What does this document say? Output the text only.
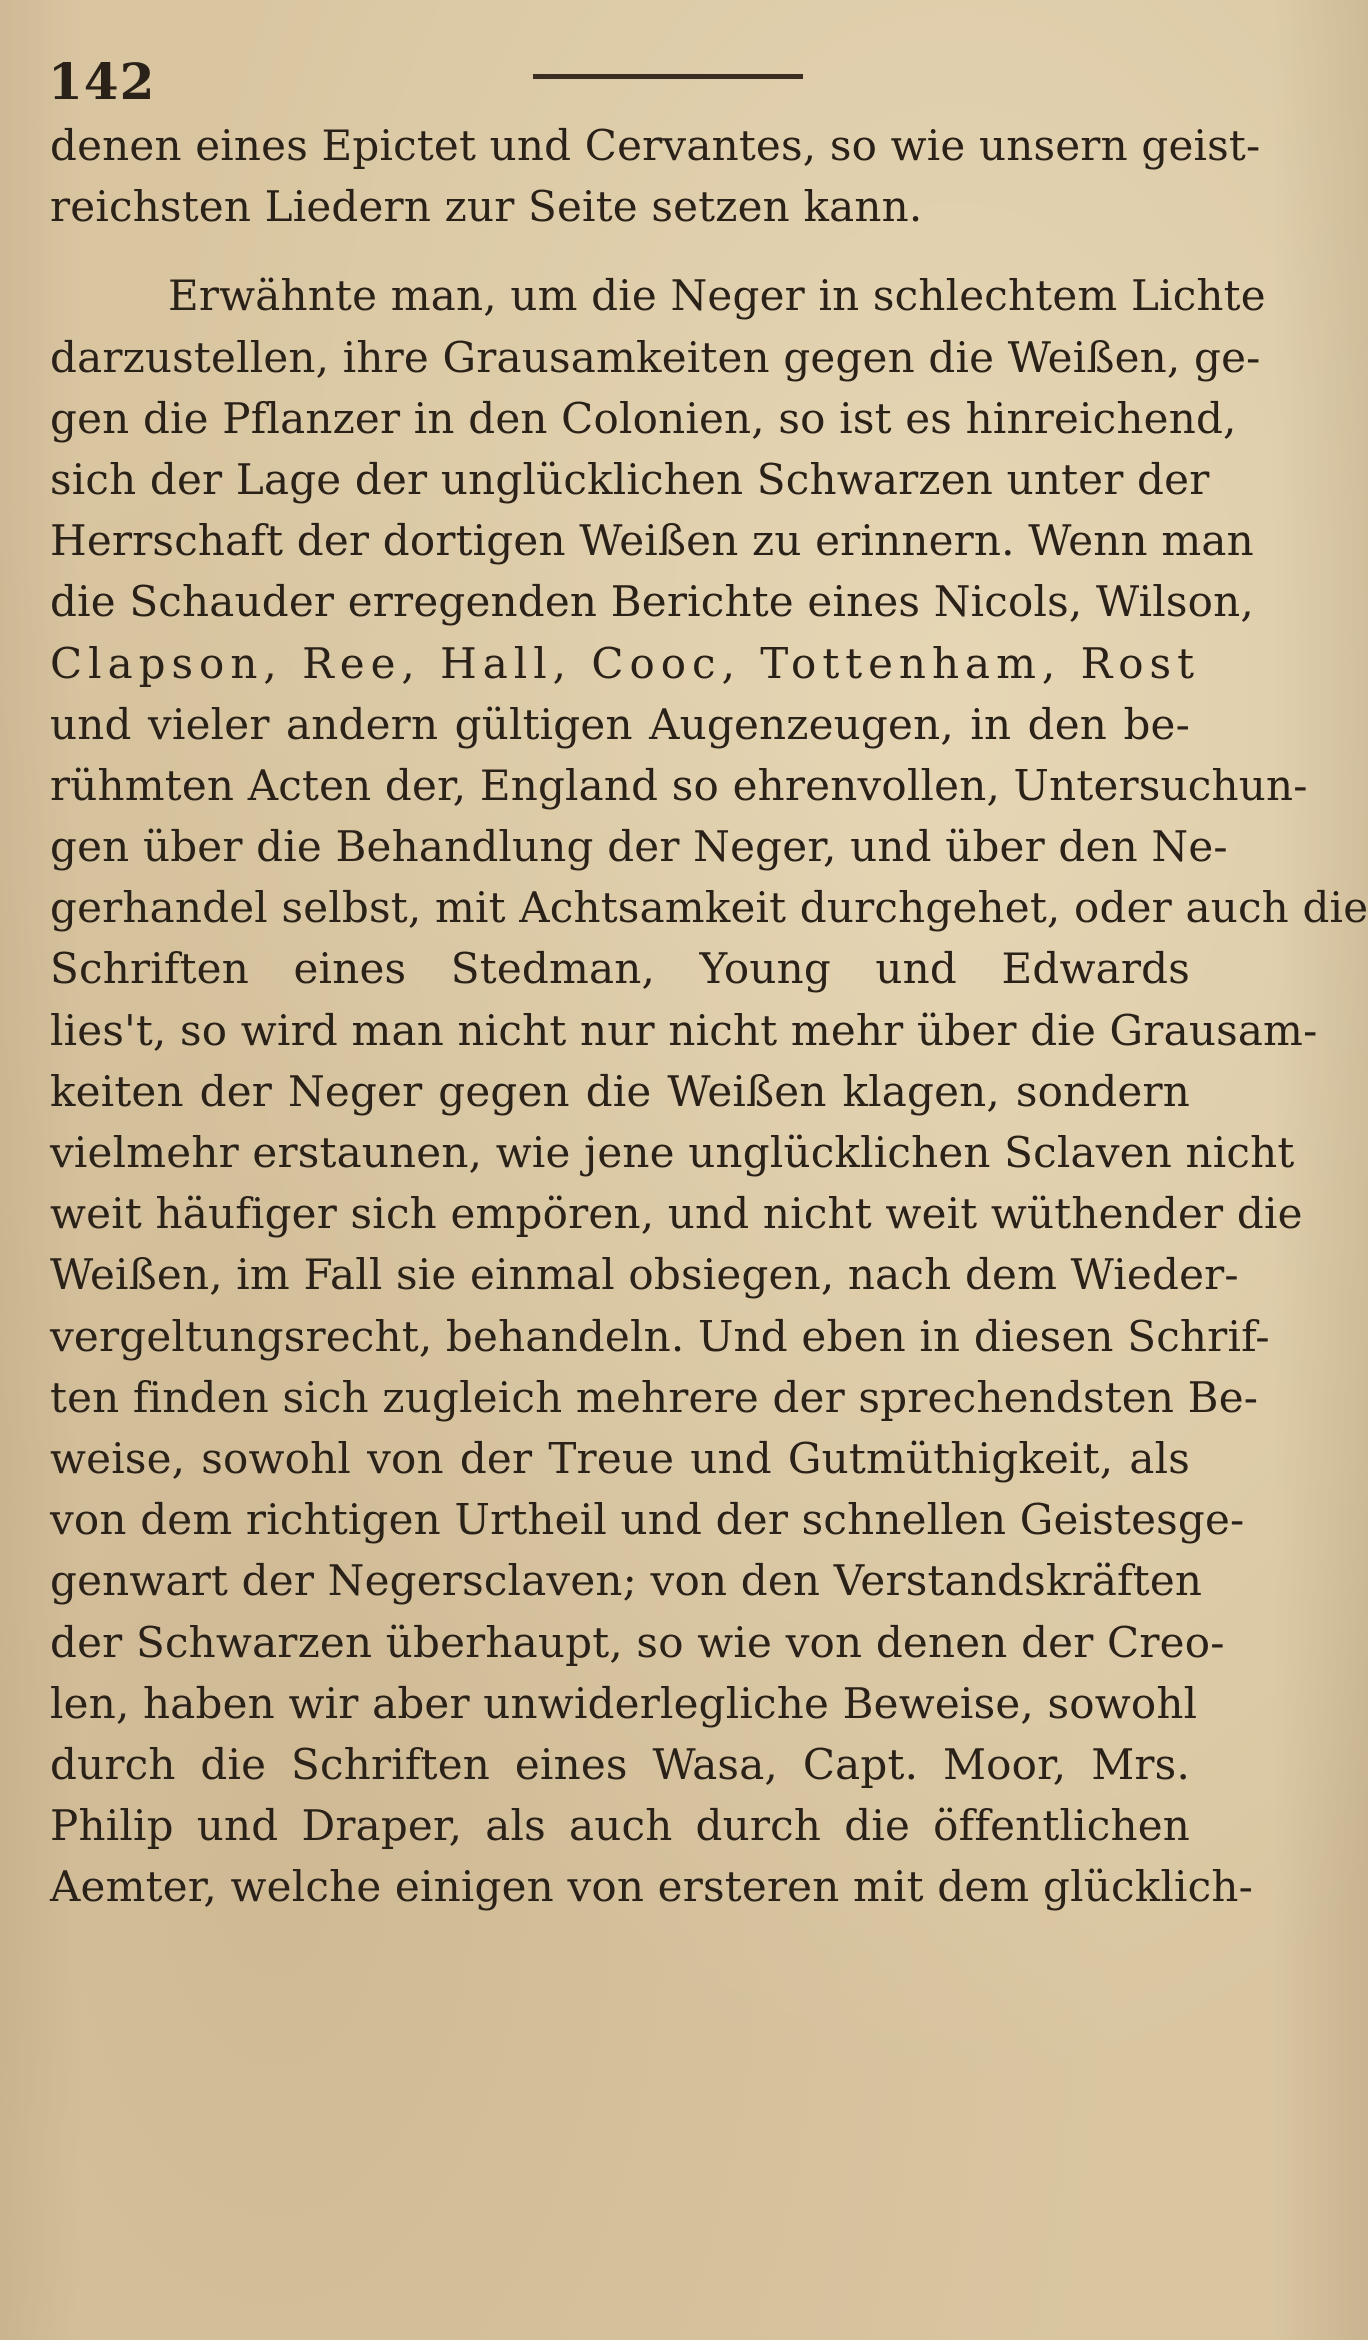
142
denen eines Epictet und Cervantes, so wie unsern geist-
reichsten Liedern zur Seite setzen kann.
Erwähnte man, um die Neger in schlechtem Lichte
darzustellen, ihre Grausamkeiten gegen die Weißen, ge-
gen die Pflanzer in den Colonien, so ist es hinreichend,
sich der Lage der unglücklichen Schwarzen unter der
Herrschaft der dortigen Weißen zu erinnern. Wenn man
die Schauder erregenden Berichte eines Nicols, Wilson,
Clapson, Ree, Hall, Cooc, Tottenham, Rost
und vieler andern gültigen Augenzeugen, in den be-
rühmten Acten der, England so ehrenvollen, Untersuchun-
gen über die Behandlung der Neger, und über den Ne-
gerhandel selbst, mit Achtsamkeit durchgehet, oder auch die
Schriften eines Stedman, Young und Edwards
lies't, so wird man nicht nur nicht mehr über die Grausam-
keiten der Neger gegen die Weißen klagen, sondern
vielmehr erstaunen, wie jene unglücklichen Sclaven nicht
weit häufiger sich empören, und nicht weit wüthender die
Weißen, im Fall sie einmal obsiegen, nach dem Wieder-
vergeltungsrecht, behandeln. Und eben in diesen Schrif-
ten finden sich zugleich mehrere der sprechendsten Be-
weise, sowohl von der Treue und Gutmüthigkeit, als
von dem richtigen Urtheil und der schnellen Geistesge-
genwart der Negersclaven; von den Verstandskräften
der Schwarzen überhaupt, so wie von denen der Creo-
len, haben wir aber unwiderlegliche Beweise, sowohl
durch die Schriften eines Wasa, Capt. Moor, Mrs.
Philip und Draper, als auch durch die öffentlichen
Aemter, welche einigen von ersteren mit dem glücklich-
